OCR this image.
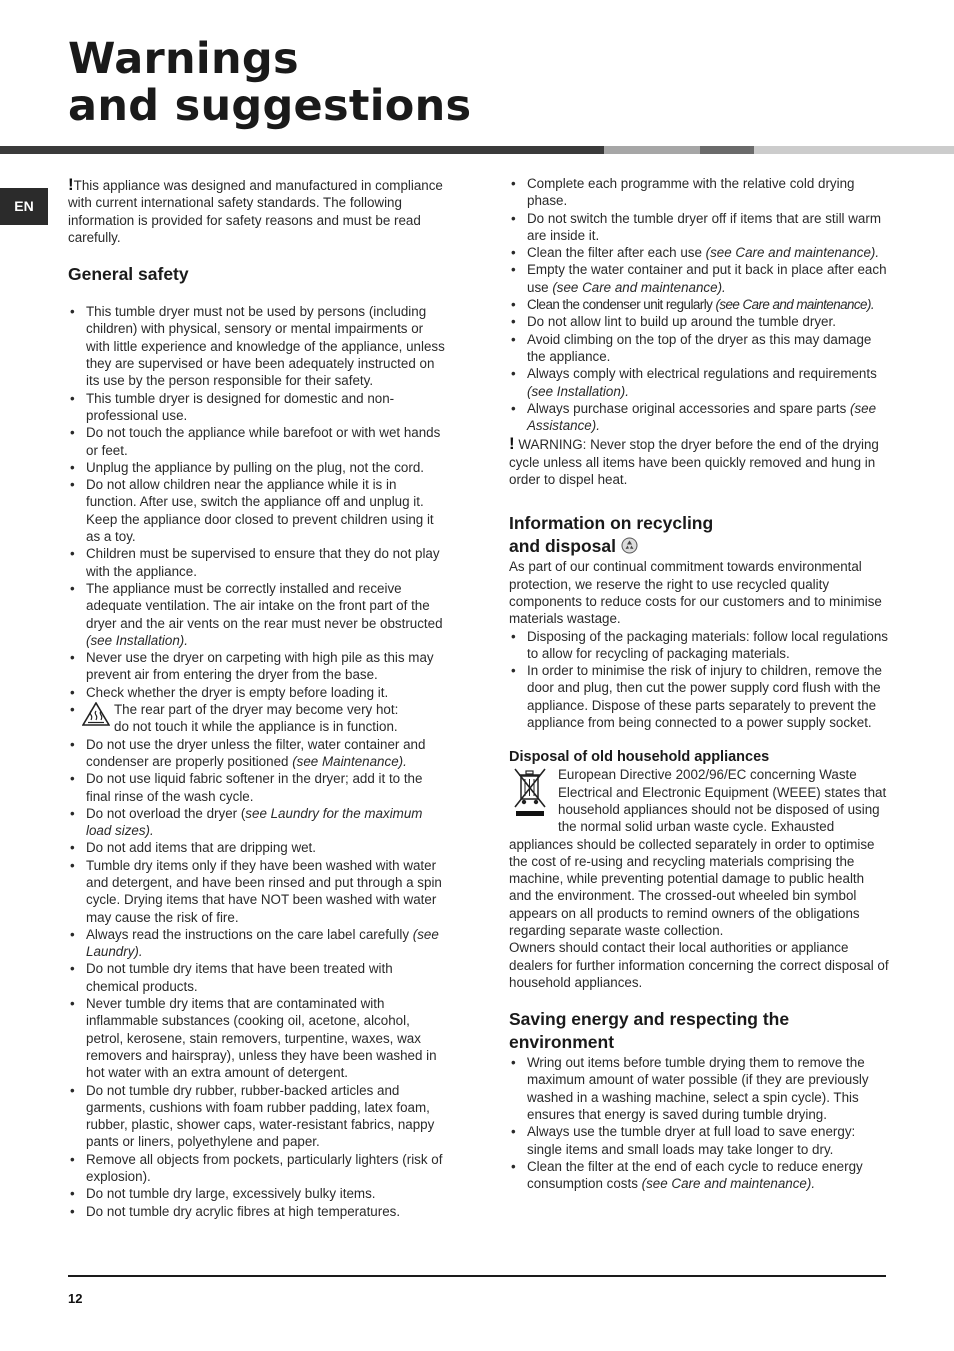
Warnings
and suggestions
EN

!This appliance was designed and manufactured in compliance with current international safety standards. The following information is provided for safety reasons and must be read carefully.

General safety
• This tumble dryer must not be used by persons (including children) with physical, sensory or mental impairments or with little experience and knowledge of the appliance, unless they are supervised or have been adequately instructed on its use by the person responsible for their safety.
• This tumble dryer is designed for domestic and non-professional use.
• Do not touch the appliance while barefoot or with wet hands or feet.
• Unplug the appliance by pulling on the plug, not the cord.
• Do not allow children near the appliance while it is in function. After use, switch the appliance off and unplug it. Keep the appliance door closed to prevent children using it as a toy.
• Children must be supervised to ensure that they do not play with the appliance.
• The appliance must be correctly installed and receive adequate ventilation. The air intake on the front part of the dryer and the air vents on the rear must never be obstructed (see Installation).
• Never use the dryer on carpeting with high pile as this may prevent air from entering the dryer from the base.
• Check whether the dryer is empty before loading it.
• The rear part of the dryer may become very hot:
do not touch it while the appliance is in function.
• Do not use the dryer unless the filter, water container and condenser are properly positioned (see Maintenance).
• Do not use liquid fabric softener in the dryer; add it to the final rinse of the wash cycle.
• Do not overload the dryer (see Laundry for the maximum load sizes).
• Do not add items that are dripping wet.
• Tumble dry items only if they have been washed with water and detergent, and have been rinsed and put through a spin cycle. Drying items that have NOT been washed with water may cause the risk of fire.
• Always read the instructions on the care label carefully (see Laundry).
• Do not tumble dry items that have been treated with chemical products.
• Never tumble dry items that are contaminated with inflammable substances (cooking oil, acetone, alcohol, petrol, kerosene, stain removers, turpentine, waxes, wax removers and hairspray), unless they have been washed in hot water with an extra amount of detergent.
• Do not tumble dry rubber, rubber-backed articles and garments, cushions with foam rubber padding, latex foam, rubber, plastic, shower caps, water-resistant fabrics, nappy pants or liners, polyethylene and paper.
• Remove all objects from pockets, particularly lighters (risk of explosion).
• Do not tumble dry large, excessively bulky items.
• Do not tumble dry acrylic fibres at high temperatures.
• Complete each programme with the relative cold drying phase.
• Do not switch the tumble dryer off if items that are still warm are inside it.
• Clean the filter after each use (see Care and maintenance).
• Empty the water container and put it back in place after each use (see Care and maintenance).
• Clean the condenser unit regularly (see Care and maintenance).
• Do not allow lint to build up around the tumble dryer.
• Avoid climbing on the top of the dryer as this may damage the appliance.
• Always comply with electrical regulations and requirements (see Installation).
• Always purchase original accessories and spare parts (see Assistance).

! WARNING: Never stop the dryer before the end of the drying cycle unless all items have been quickly removed and hung in order to dispel heat.

Information on recycling
and disposal

As part of our continual commitment towards environmental protection, we reserve the right to use recycled quality components to reduce costs for our customers and to minimise materials wastage.

• Disposing of the packaging materials: follow local regulations to allow for recycling of packaging materials.
• In order to minimise the risk of injury to children, remove the door and plug, then cut the power supply cord flush with the appliance. Dispose of these parts separately to prevent the appliance from being connected to a power supply socket.
Disposal of old household appliances

European Directive 2002/96/EC concerning Waste Electrical and Electronic Equipment (WEEE) states that household appliances should not be disposed of using the normal solid urban waste cycle. Exhausted appliances should be collected separately in order to optimise the cost of re-using and recycling materials comprising the machine, while preventing potential damage to public health and the environment. The crossed-out wheeled bin symbol appears on all products to remind owners of the obligations regarding separate waste collection.

Owners should contact their local authorities or appliance dealers for further information concerning the correct disposal of household appliances.

Saving energy and respecting the
environment
• Wring out items before tumble drying them to remove the maximum amount of water possible (if they are previously washed in a washing machine, select a spin cycle). This ensures that energy is saved during tumble drying.
• Always use the tumble dryer at full load to save energy: single items and small loads may take longer to dry.
• Clean the filter at the end of each cycle to reduce energy consumption costs (see Care and maintenance).
12
